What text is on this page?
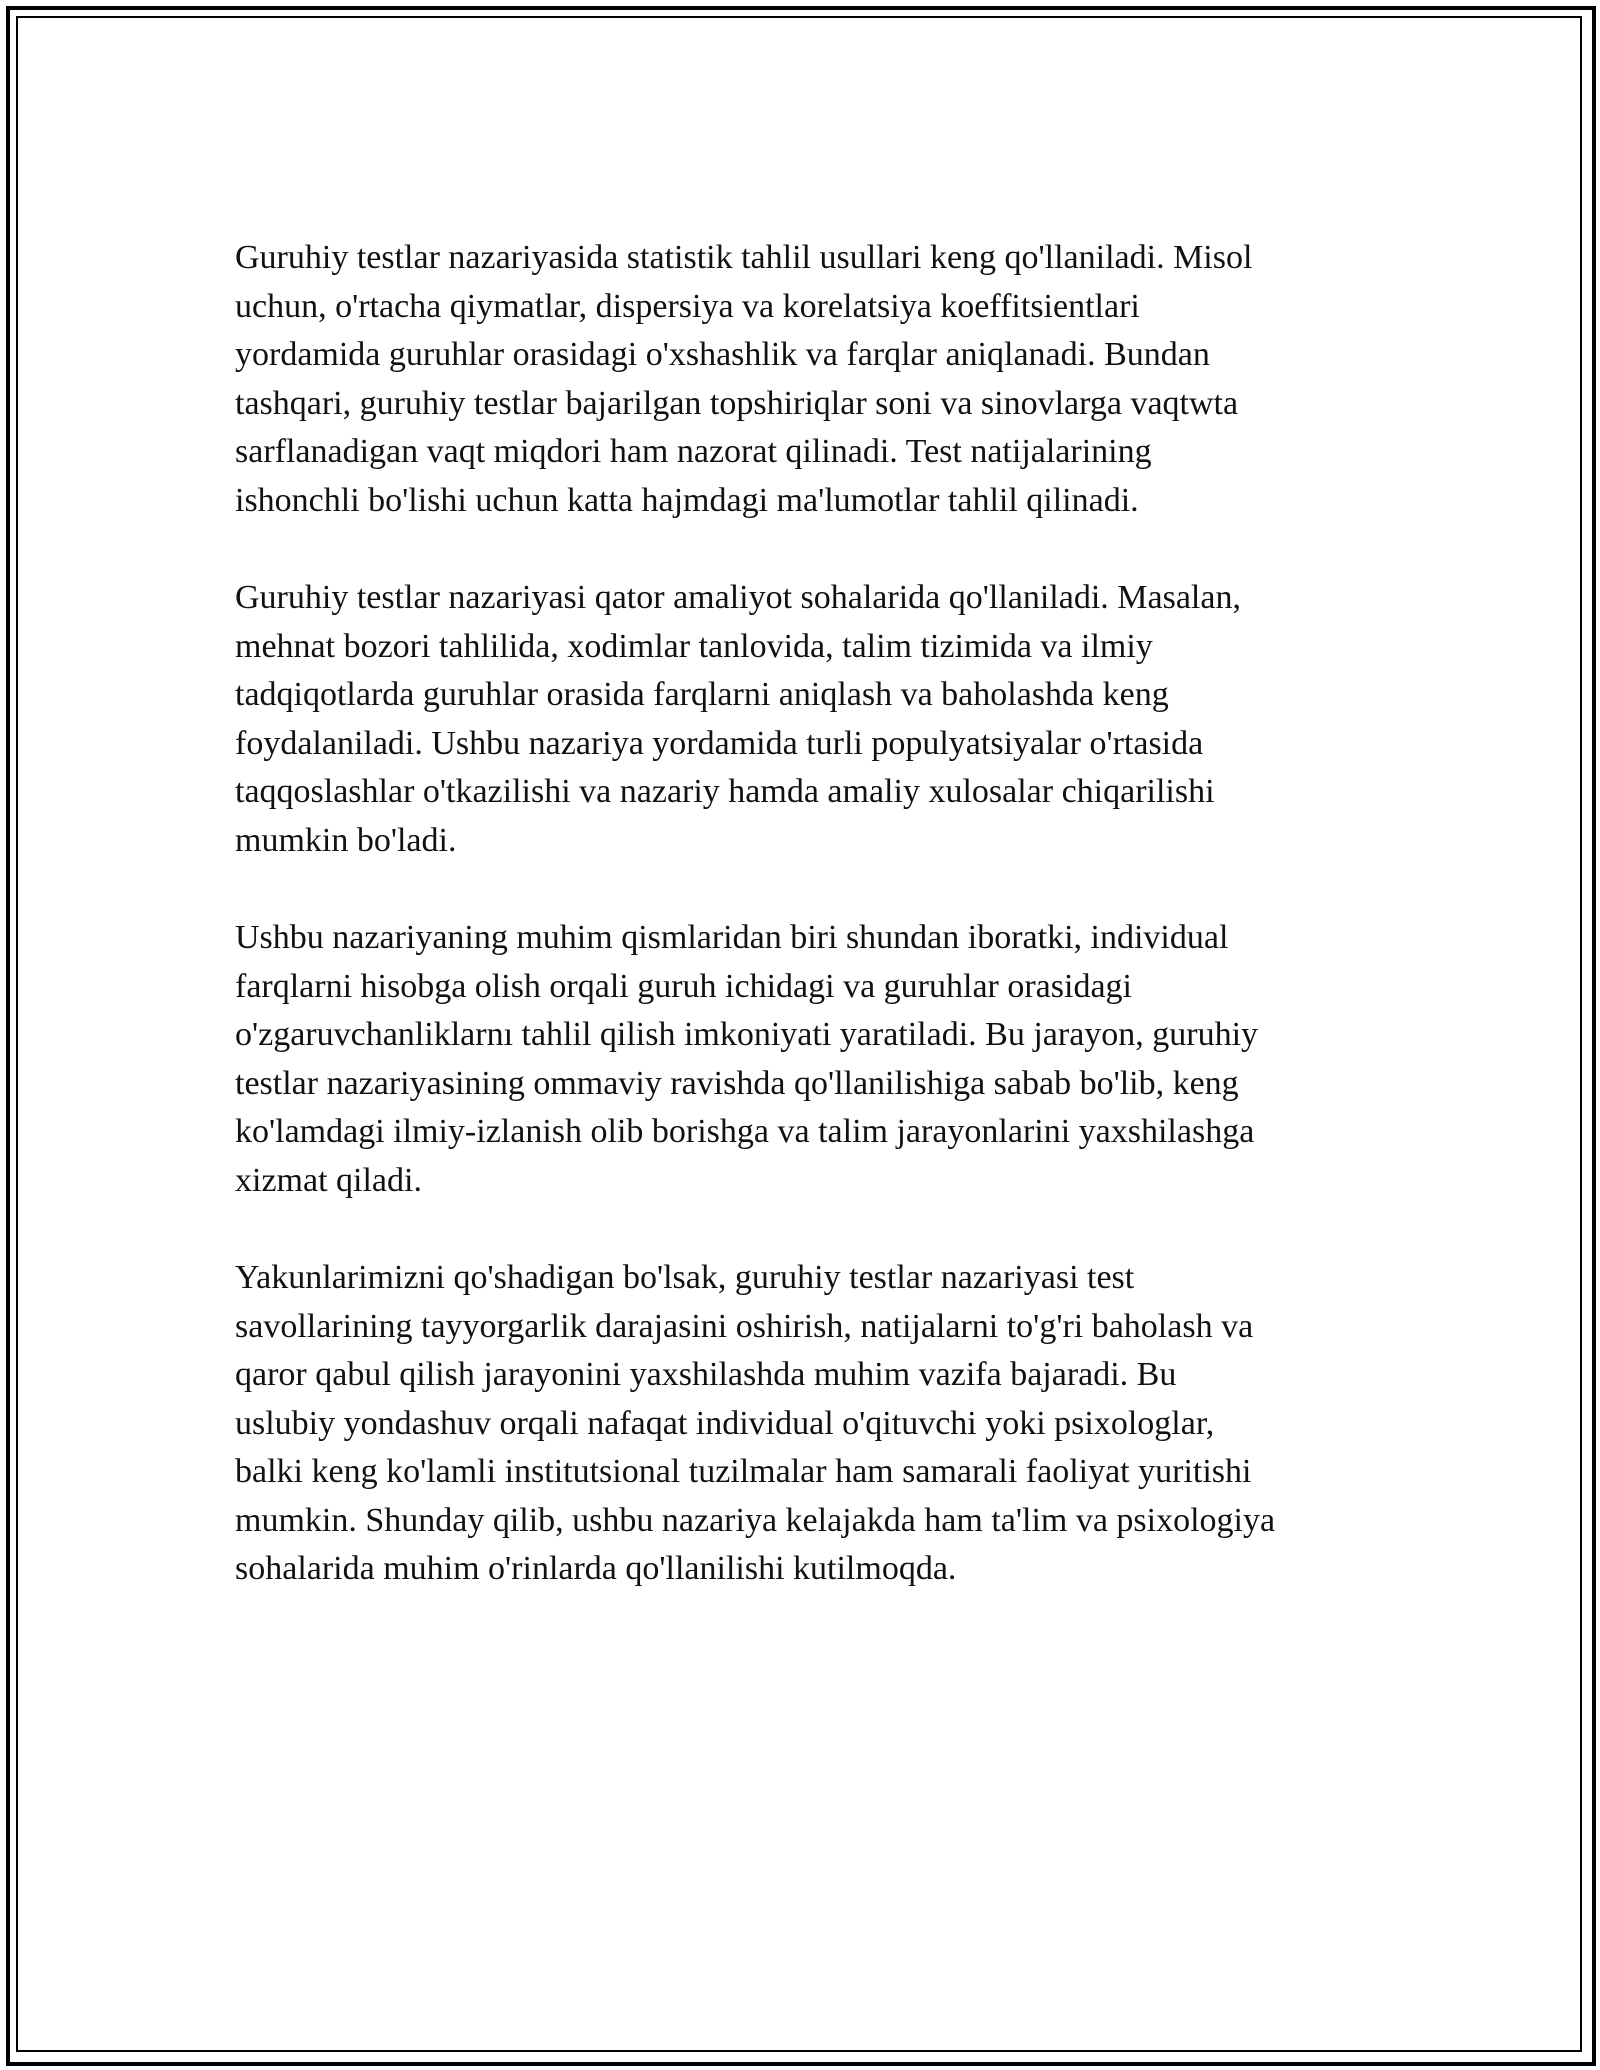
Guruhiy testlar nazariyasida statistik tahlil usullari keng qo'llaniladi. Misol
uchun, o'rtacha qiymatlar, dispersiya va korelatsiya koeffitsientlari
yordamida guruhlar orasidagi o'xshashlik va farqlar aniqlanadi. Bundan
tashqari, guruhiy testlar bajarilgan topshiriqlar soni va sinovlarga vaqtwta
sarflanadigan vaqt miqdori ham nazorat qilinadi. Test natijalarining
ishonchli bo'lishi uchun katta hajmdagi ma'lumotlar tahlil qilinadi.

Guruhiy testlar nazariyasi qator amaliyot sohalarida qo'llaniladi. Masalan,
mehnat bozori tahlilida, xodimlar tanlovida, talim tizimida va ilmiy
tadqiqotlarda guruhlar orasida farqlarni aniqlash va baholashda keng
foydalaniladi. Ushbu nazariya yordamida turli populyatsiyalar o'rtasida
taqqoslashlar o'tkazilishi va nazariy hamda amaliy xulosalar chiqarilishi
mumkin bo'ladi.

Ushbu nazariyaning muhim qismlaridan biri shundan iboratki, individual
farqlarni hisobga olish orqali guruh ichidagi va guruhlar orasidagi
o'zgaruvchanliklarnı tahlil qilish imkoniyati yaratiladi. Bu jarayon, guruhiy
testlar nazariyasining ommaviy ravishda qo'llanilishiga sabab bo'lib, keng
ko'lamdagi ilmiy-izlanish olib borishga va talim jarayonlarini yaxshilashga
xizmat qiladi.

Yakunlarimizni qo'shadigan bo'lsak, guruhiy testlar nazariyasi test
savollarining tayyorgarlik darajasini oshirish, natijalarni to'g'ri baholash va
qaror qabul qilish jarayonini yaxshilashda muhim vazifa bajaradi. Bu
uslubiy yondashuv orqali nafaqat individual o'qituvchi yoki psixologlar,
balki keng ko'lamli institutsional tuzilmalar ham samarali faoliyat yuritishi
mumkin. Shunday qilib, ushbu nazariya kelajakda ham ta'lim va psixologiya
sohalarida muhim o'rinlarda qo'llanilishi kutilmoqda.
